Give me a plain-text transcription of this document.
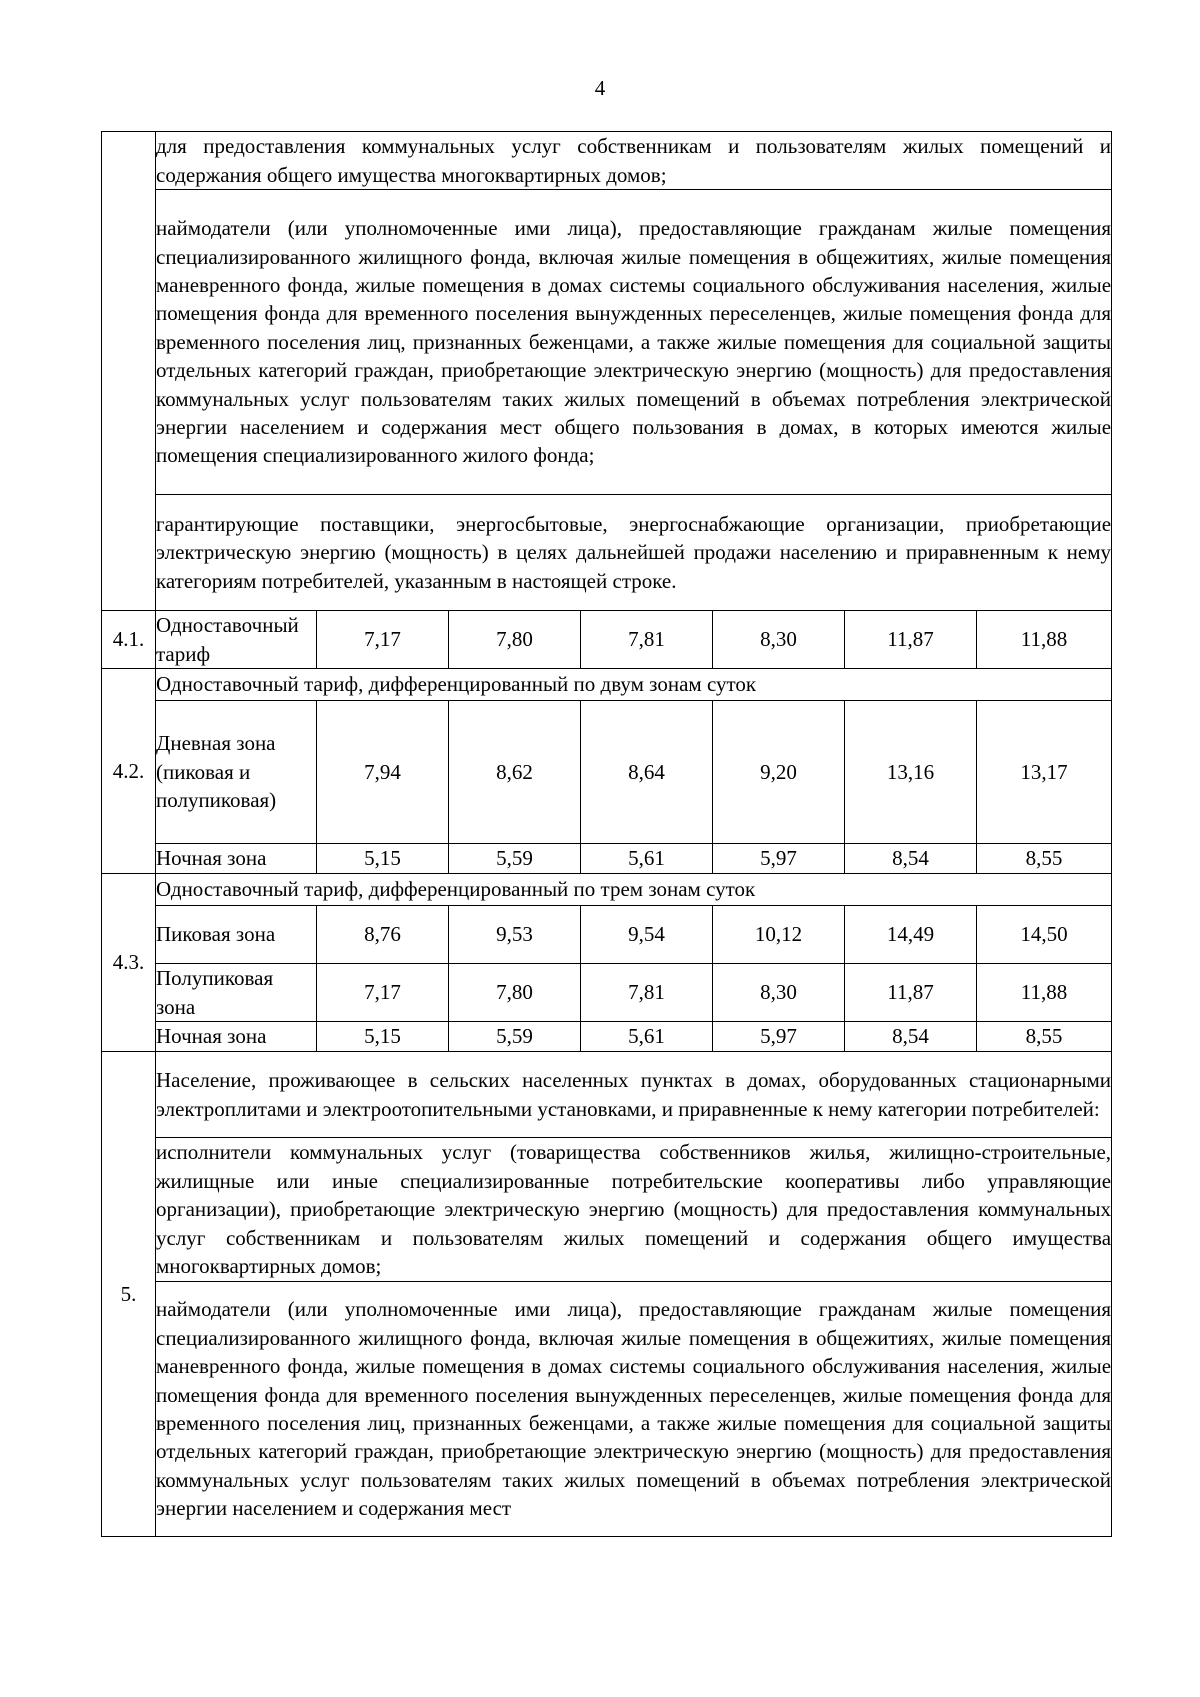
4
	для предоставления коммунальных услуг собственникам и пользователям жилых помещений и содержания общего имущества многоквартирных домов;						
	наймодатели (или уполномоченные ими лица), предоставляющие гражданам жилые помещения специализированного жилищного фонда, включая жилые помещения в общежитиях, жилые помещения маневренного фонда, жилые помещения в домах системы социального обслуживания населения, жилые помещения фонда для временного поселения вынужденных переселенцев, жилые помещения фонда для временного поселения лиц, признанных беженцами, а также жилые помещения для социальной защиты отдельных категорий граждан, приобретающие электрическую энергию (мощность) для предоставления коммунальных услуг пользователям таких жилых помещений в объемах потребления электрической энергии населением и содержания мест общего пользования в домах, в которых имеются жилые помещения специализированного жилого фонда;						
	гарантирующие поставщики, энергосбытовые, энергоснабжающие организации, приобретающие электрическую энергию (мощность) в целях дальнейшей продажи населению и приравненным к нему категориям потребителей, указанным в настоящей строке.						
4.1.	Одноставочный тариф	7,17	7,80	7,81	8,30	11,87	11,88
4.2.	Одноставочный тариф, дифференцированный по двум зонам суток						
	Дневная зона (пиковая и полупиковая)	7,94	8,62	8,64	9,20	13,16	13,17
	Ночная зона	5,15	5,59	5,61	5,97	8,54	8,55
4.3.	Одноставочный тариф, дифференцированный по трем зонам суток						
	Пиковая зона	8,76	9,53	9,54	10,12	14,49	14,50
	Полупиковая зона	7,17	7,80	7,81	8,30	11,87	11,88
	Ночная зона	5,15	5,59	5,61	5,97	8,54	8,55
5.	Население, проживающее в сельских населенных пунктах в домах, оборудованных стационарными электроплитами и электроотопительными установками, и приравненные к нему категории потребителей:						
	исполнители коммунальных услуг (товарищества собственников жилья, жилищно-строительные, жилищные или иные специализированные потребительские кооперативы либо управляющие организации), приобретающие электрическую энергию (мощность) для предоставления коммунальных услуг собственникам и пользователям жилых помещений и содержания общего имущества многоквартирных домов;						
	наймодатели (или уполномоченные ими лица), предоставляющие гражданам жилые помещения специализированного жилищного фонда, включая жилые помещения в общежитиях, жилые помещения маневренного фонда, жилые помещения в домах системы социального обслуживания населения, жилые помещения фонда для временного поселения вынужденных переселенцев, жилые помещения фонда для временного поселения лиц, признанных беженцами, а также жилые помещения для социальной защиты отдельных категорий граждан, приобретающие электрическую энергию (мощность) для предоставления коммунальных услуг пользователям таких жилых помещений в объемах потребления электрической энергии населением и содержания мест						
